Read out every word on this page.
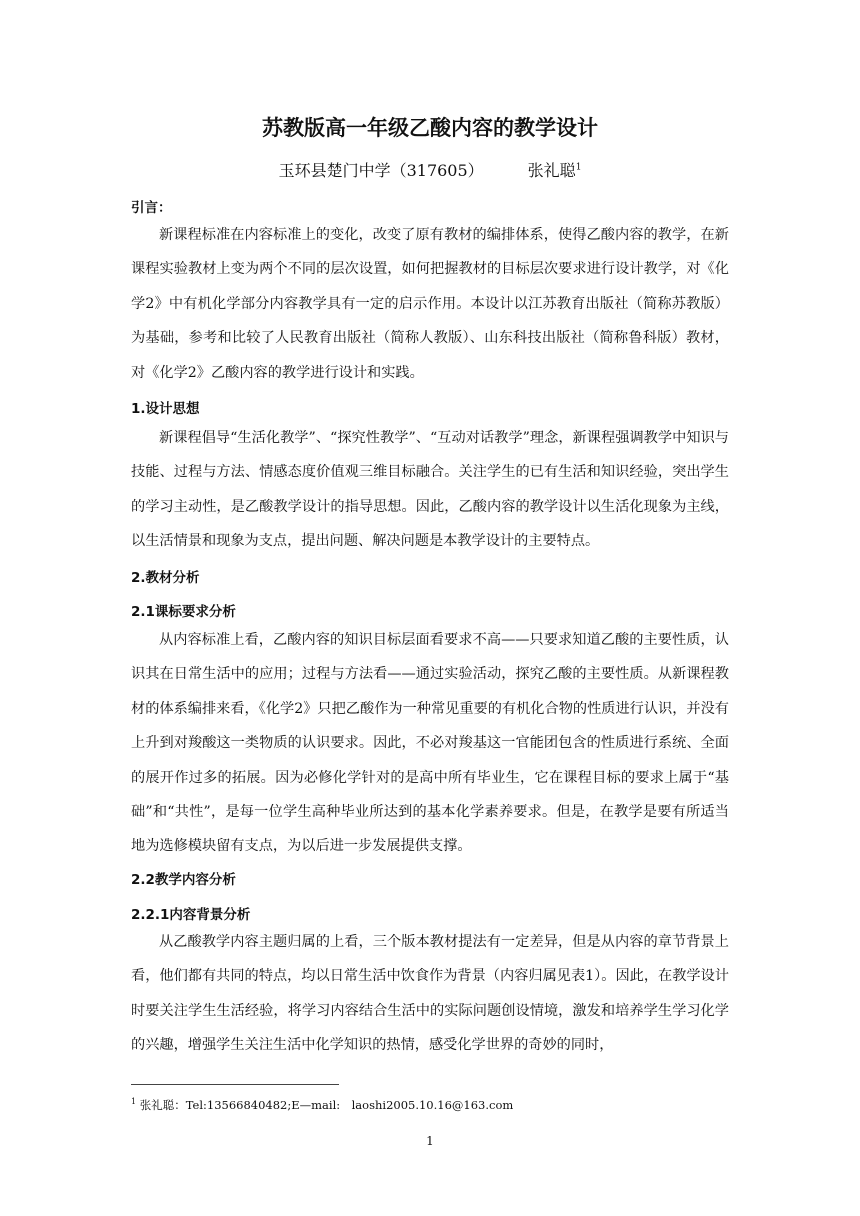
苏教版高一年级乙酸内容的教学设计
玉环县楚门中学（317605）	张礼聪$^1$
引言：

新课程标准在内容标准上的变化，改变了原有教材的编排体系，使得乙酸内容的教学，在新课程实验教材上变为两个不同的层次设置，如何把握教材的目标层次要求进行设计教学，对《化学2》中有机化学部分内容教学具有一定的启示作用。本设计以江苏教育出版社（简称苏教版）为基础，参考和比较了人民教育出版社（简称人教版）、山东科技出版社（简称鲁科版）教材，对《化学2》乙酸内容的教学进行设计和实践。

1.设计思想

新课程倡导“生活化教学”、“探究性教学”、“互动对话教学”理念，新课程强调教学中知识与技能、过程与方法、情感态度价值观三维目标融合。关注学生的已有生活和知识经验，突出学生的学习主动性，是乙酸教学设计的指导思想。因此，乙酸内容的教学设计以生活化现象为主线，以生活情景和现象为支点，提出问题、解决问题是本教学设计的主要特点。

2.教材分析
2.1课标要求分析

从内容标准上看，乙酸内容的知识目标层面看要求不高——只要求知道乙酸的主要性质，认识其在日常生活中的应用；过程与方法看——通过实验活动，探究乙酸的主要性质。从新课程教材的体系编排来看，《化学2》只把乙酸作为一种常见重要的有机化合物的性质进行认识，并没有上升到对羧酸这一类物质的认识要求。因此，不必对羧基这一官能团包含的性质进行系统、全面的展开作过多的拓展。因为必修化学针对的是高中所有毕业生，它在课程目标的要求上属于“基础”和“共性”，是每一位学生高种毕业所达到的基本化学素养要求。但是，在教学是要有所适当地为选修模块留有支点，为以后进一步发展提供支撑。

2.2教学内容分析
2.2.1内容背景分析

从乙酸教学内容主题归属的上看，三个版本教材提法有一定差异，但是从内容的章节背景上看，他们都有共同的特点，均以日常生活中饮食作为背景（内容归属见表1）。因此，在教学设计时要关注学生生活经验，将学习内容结合生活中的实际问题创设情境，激发和培养学生学习化学的兴趣，增强学生关注生活中化学知识的热情，感受化学世界的奇妙的同时，

$^1$ 张礼聪：Tel:13566840482;E—mail:　laoshi2005.10.16@163.com
1
